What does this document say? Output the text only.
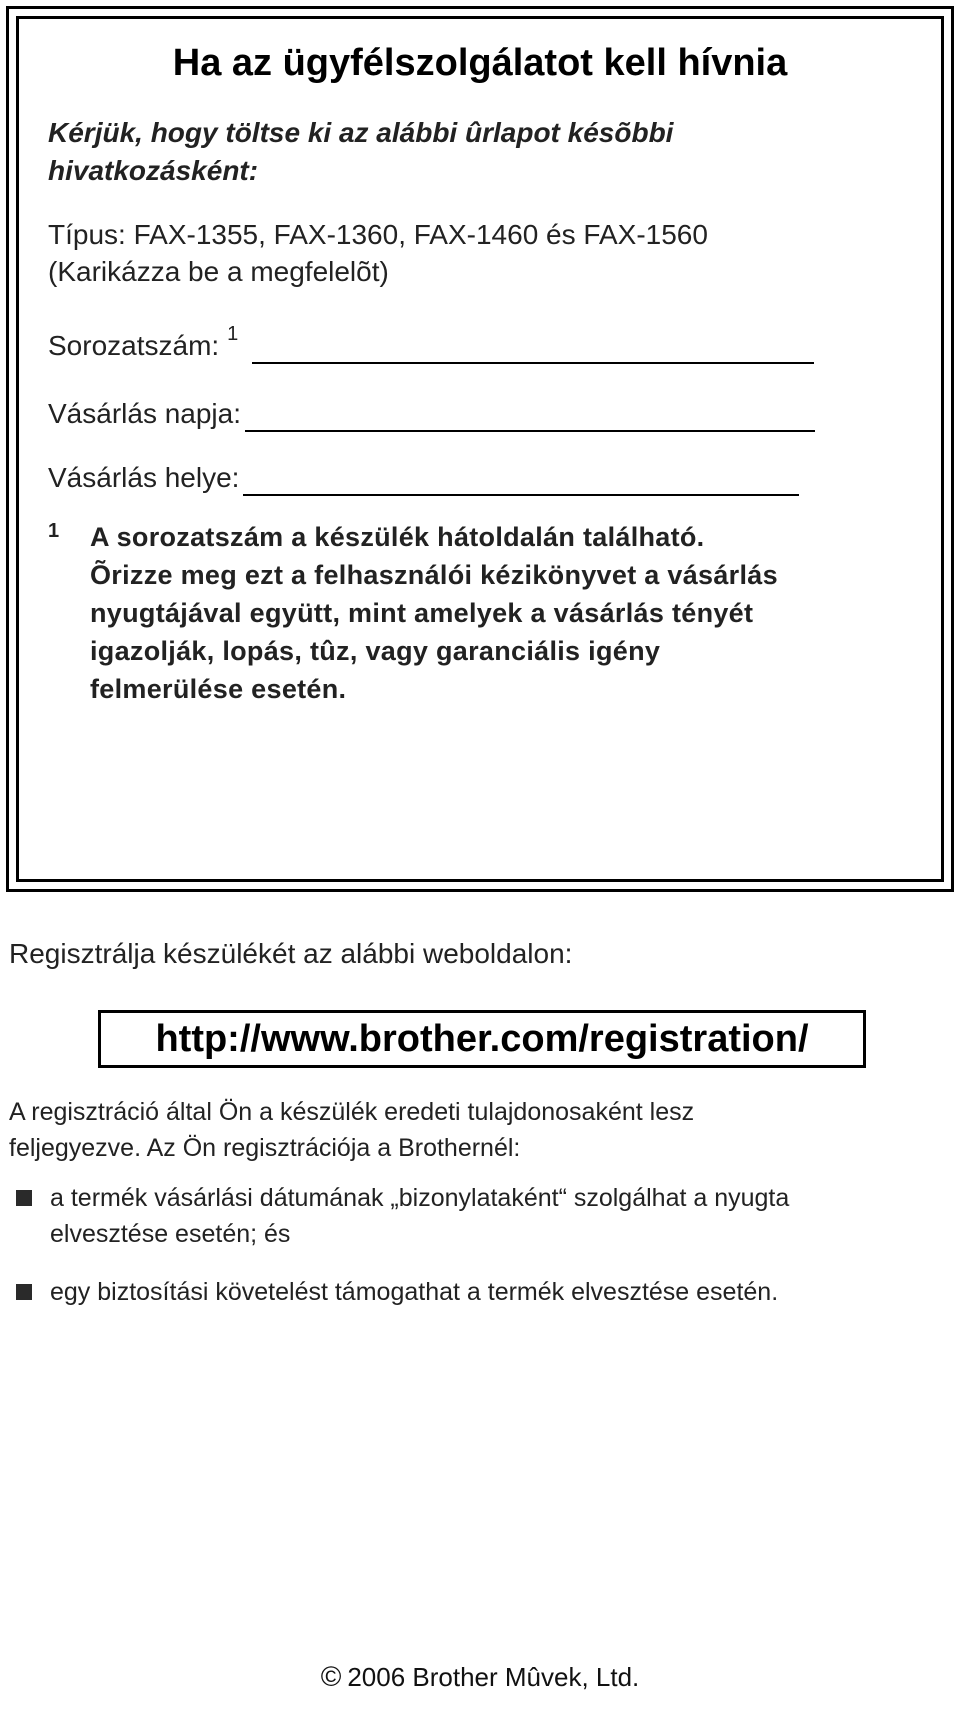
Ha az ügyfélszolgálatot kell hívnia
Kérjük, hogy töltse ki az alábbi ûrlapot késõbbi
hivatkozásként:
Típus: FAX-1355, FAX-1360, FAX-1460 és FAX-1560
(Karikázza be a megfelelõt)
Sorozatszám: 1
Vásárlás napja:
Vásárlás helye:
1 A sorozatszám a készülék hátoldalán található.
Õrizze meg ezt a felhasználói kézikönyvet a vásárlás
nyugtájával együtt, mint amelyek a vásárlás tényét
igazolják, lopás, tûz, vagy garanciális igény
felmerülése esetén.
Regisztrálja készülékét az alábbi weboldalon:
http://www.brother.com/registration/
A regisztráció által Ön a készülék eredeti tulajdonosaként lesz
feljegyezve. Az Ön regisztrációja a Brothernél:
a termék vásárlási dátumának „bizonylataként“ szolgálhat a nyugta
elvesztése esetén; és
egy biztosítási követelést támogathat a termék elvesztése esetén.
© 2006 Brother Mûvek, Ltd.
